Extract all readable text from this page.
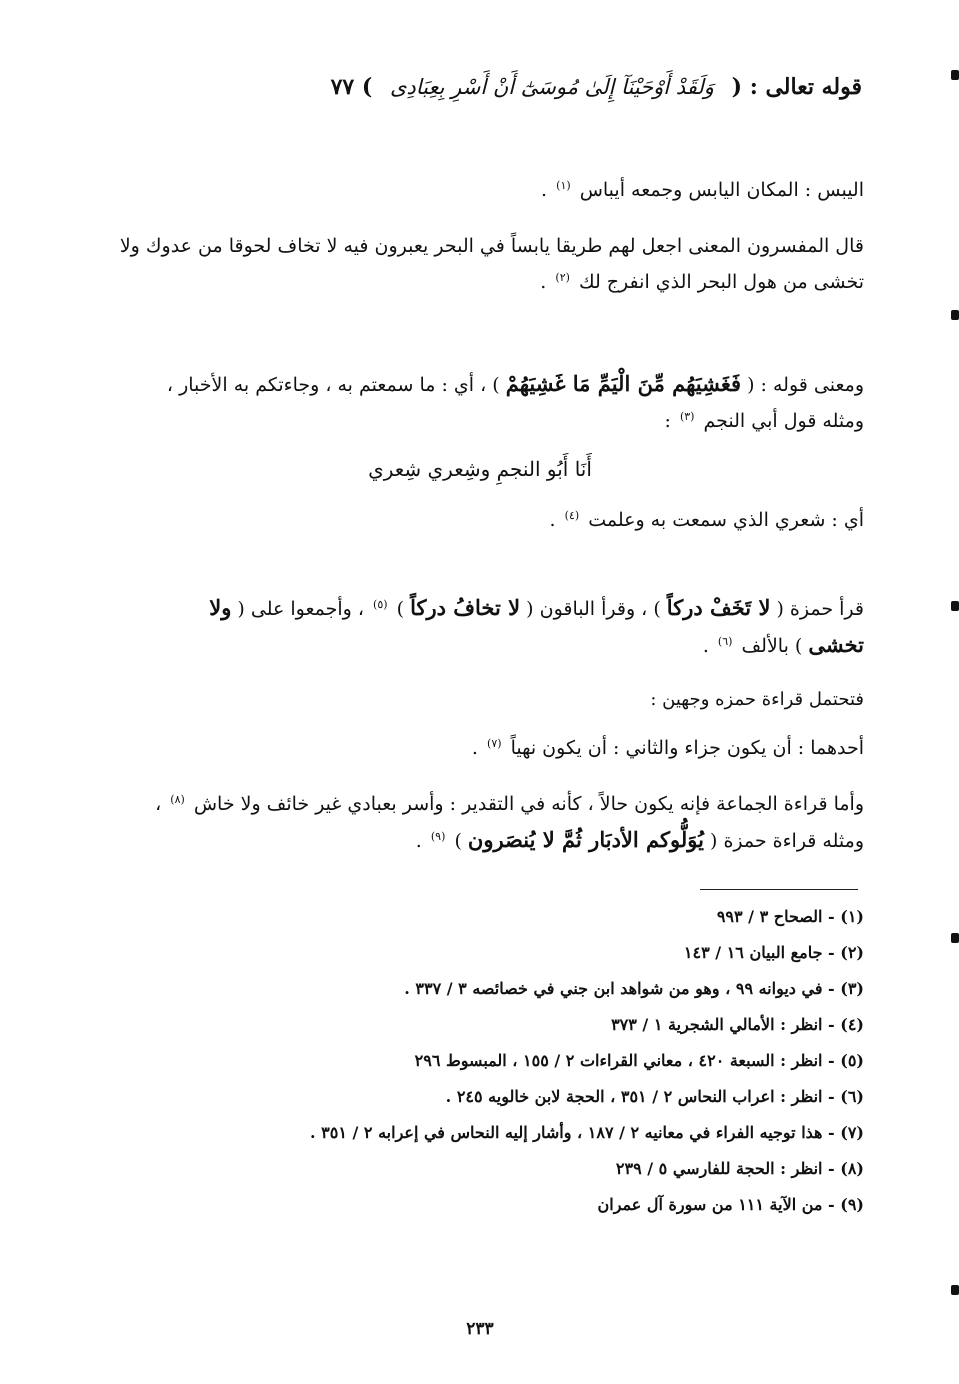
قوله تعالى : ( وَلَقَدْ أَوْحَيْنَآ إِلَىٰ مُوسَىٰٓ أَنْ أَسْرِ بِعِبَادِى ) ٧٧
اليبس : المكان اليابس وجمعه أيباس $^{(١)}$ .
قال المفسرون المعنى اجعل لهم طريقا يابساً في البحر يعبرون فيه لا تخاف لحوقا من عدوك ولا
تخشى من هول البحر الذي انفرج لك $^{(٢)}$ .
ومعنى قوله : ( فَغَشِيَهُم مِّنَ الْيَمِّ مَا غَشِيَهُمْ ) ، أي : ما سمعتم به ، وجاءتكم به الأخبار ،
ومثله قول أبي النجم $^{(٣)}$ :
أَنَا أَبُو النجمِ وشِعري شِعري
أي : شعري الذي سمعت به وعلمت $^{(٤)}$ .
قرأ حمزة ( لا تَخَفْ دركاً ) ، وقرأ الباقون ( لا تخافُ دركاً ) $^{(٥)}$ ، وأجمعوا على ( ولا
تخشى ) بالألف $^{(٦)}$ .
فتحتمل قراءة حمزه وجهين :
أحدهما : أن يكون جزاء والثاني : أن يكون نهياً $^{(٧)}$ .
وأما قراءة الجماعة فإنه يكون حالاً ، كأنه في التقدير : وأسر بعبادي غير خائف ولا خاش $^{(٨)}$ ،
ومثله قراءة حمزة ( يُوَلُّوكم الأدبَار ثُمَّ لا يُنصَرون ) $^{(٩)}$ .
(١) - الصحاح ٣ / ٩٩٣
(٢) - جامع البيان ١٦ / ١٤٣
(٣) - في ديوانه ٩٩ ، وهو من شواهد ابن جني في خصائصه ٣ / ٣٣٧ .
(٤) - انظر : الأمالي الشجرية ١ / ٣٧٣
(٥) - انظر : السبعة ٤٢٠ ، معاني القراءات ٢ / ١٥٥ ، المبسوط ٢٩٦
(٦) - انظر : اعراب النحاس ٢ / ٣٥١ ، الحجة لابن خالويه ٢٤٥ .
(٧) - هذا توجيه الفراء في معانيه ٢ / ١٨٧ ، وأشار إليه النحاس في إعرابه ٢ / ٣٥١ .
(٨) - انظر : الحجة للفارسي ٥ / ٢٣٩
(٩) - من الآية ١١١ من سورة آل عمران
٢٣٣
